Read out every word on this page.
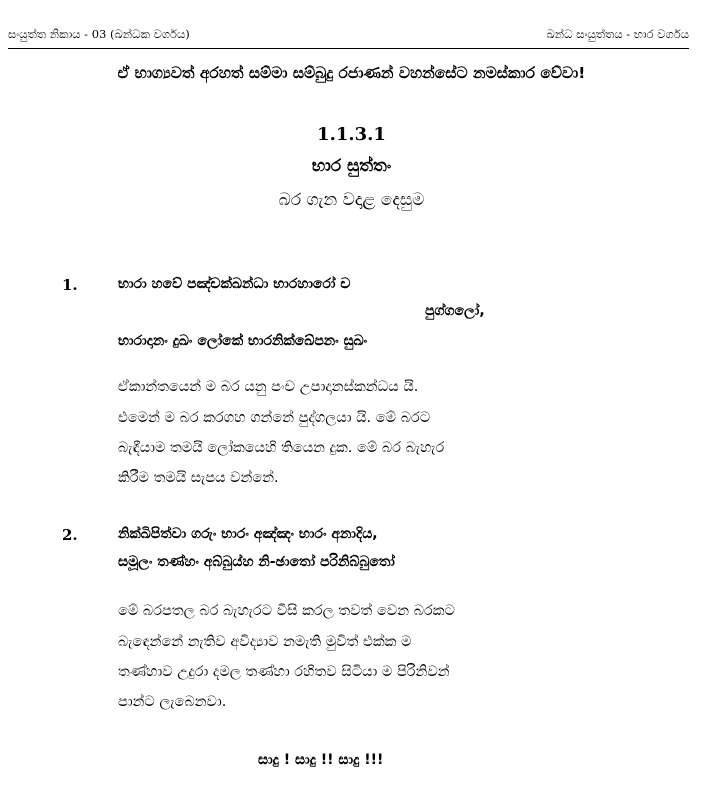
සංයුත්ත නිකාය - 03 (ඛන්ධක වර්ගය)	ඛන්ධ සංයුත්තය - භාර වර්ගය
ඒ භාග්‍යවත් අරහත් සම්මා සම්බුදු රජාණන් වහන්සේට නමස්කාර වේවා!
1.1.3.1
භාර සුත්තං
බර ගැන වදාළ දෙසුම
1.	භාරා හවේ පඤ්චක්ඛන්ධා භාරහාරෝ ච
පුග්ගලෝ,
භාරාදානං දුඛං ලෝකේ භාරනික්ඛේපනං සුඛං
ඒකාන්තයෙන් ම බර යනු පංච උපාදානස්කන්ධය යි.
එමෙන් ම බර කරගහ ගන්නේ පුද්ගලයා යි. මේ බරට
බැඳීයාම තමයි ලෝකයෙහි තියෙන දුක. මේ බර බැහැර
කිරීම තමයි සැපය වන්නේ.
2.	නික්ඛිපිත්වා ගරුං භාරං අඤ්ඤං භාරං අනාදිය,
සමූලං තණ්හං අබ්බුය්හ නි-ඡාතෝ පරිනිබ්බුතෝ
මේ බරපතල බර බැහැරට වීසි කරල තවත් වෙන බරකට
බැඳෙන්නේ නැතිව අවිද්‍යාව නමැති මුවිත් එක්ක ම
තණ්හාව උදුරා දමල තණ්හා රහිතව සිටියා ම පිරිනිවන්
පාන්ට ලැබෙනවා.
සාදු ! සාදු !! සාදු !!!
